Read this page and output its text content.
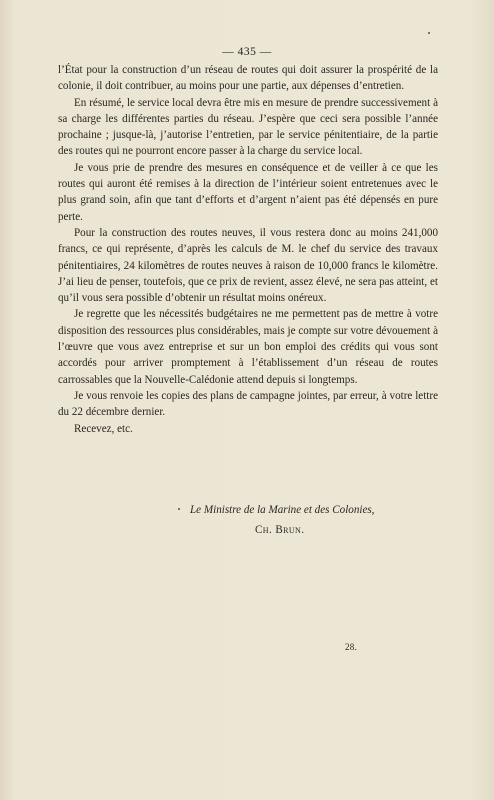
— 435 —

l’État pour la construction d’un réseau de routes qui doit assurer la prospérité de la colonie, il doit contribuer, au moins pour une partie, aux dépenses d’entretien.

En résumé, le service local devra être mis en mesure de prendre successivement à sa charge les différentes parties du réseau. J’espère que ceci sera possible l’année prochaine ; jusque-là, j’autorise l’entretien, par le service pénitentiaire, de la partie des routes qui ne pourront encore passer à la charge du service local.

Je vous prie de prendre des mesures en conséquence et de veiller à ce que les routes qui auront été remises à la direction de l’intérieur soient entretenues avec le plus grand soin, afin que tant d’efforts et d’argent n’aient pas été dépensés en pure perte.

Pour la construction des routes neuves, il vous restera donc au moins 241,000 francs, ce qui représente, d’après les calculs de M. le chef du service des travaux pénitentiaires, 24 kilomètres de routes neuves à raison de 10,000 francs le kilomètre. J’ai lieu de penser, toutefois, que ce prix de revient, assez élevé, ne sera pas atteint, et qu’il vous sera possible d’obtenir un résultat moins onéreux.

Je regrette que les nécessités budgétaires ne me permettent pas de mettre à votre disposition des ressources plus considérables, mais je compte sur votre dévouement à l’œuvre que vous avez entreprise et sur un bon emploi des crédits qui vous sont accordés pour arriver promptement à l’établissement d’un réseau de routes carrossables que la Nouvelle-Calédonie attend depuis si longtemps.

Je vous renvoie les copies des plans de campagne jointes, par erreur, à votre lettre du 22 décembre dernier.

Recevez, etc.

Le Ministre de la Marine et des Colonies,
Ch. Brun.
28.
